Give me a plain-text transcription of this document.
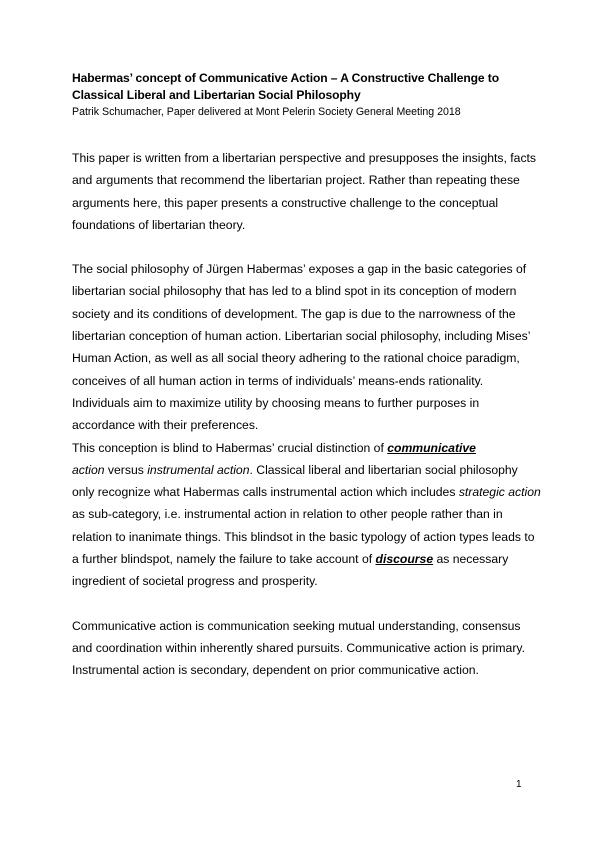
Habermas’ concept of Communicative Action – A Constructive Challenge to Classical Liberal and Libertarian Social Philosophy

Patrik Schumacher, Paper delivered at Mont Pelerin Society General Meeting 2018

This paper is written from a libertarian perspective and presupposes the insights, facts and arguments that recommend the libertarian project. Rather than repeating these arguments here, this paper presents a constructive challenge to the conceptual foundations of libertarian theory.

The social philosophy of Jürgen Habermas’ exposes a gap in the basic categories of libertarian social philosophy that has led to a blind spot in its conception of modern society and its conditions of development. The gap is due to the narrowness of the libertarian conception of human action. Libertarian social philosophy, including Mises’ Human Action, as well as all social theory adhering to the rational choice paradigm, conceives of all human action in terms of individuals’ means-ends rationality. Individuals aim to maximize utility by choosing means to further purposes in accordance with their preferences.

This conception is blind to Habermas’ crucial distinction of communicative
action versus instrumental action. Classical liberal and libertarian social philosophy only recognize what Habermas calls instrumental action which includes strategic action as sub-category, i.e. instrumental action in relation to other people rather than in relation to inanimate things. This blindsot in the basic typology of action types leads to a further blindspot, namely the failure to take account of discourse as necessary ingredient of societal progress and prosperity.

Communicative action is communication seeking mutual understanding, consensus and coordination within inherently shared pursuits. Communicative action is primary. Instrumental action is secondary, dependent on prior communicative action.

1
